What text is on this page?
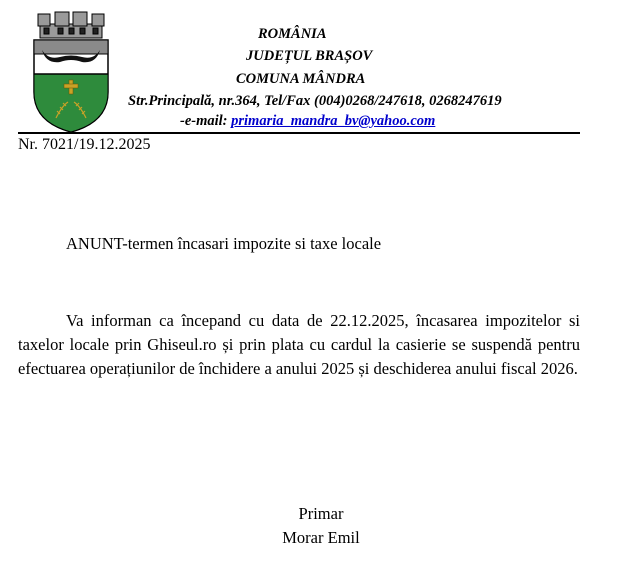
ROMÂNIA
JUDEȚUL BRAȘOV
COMUNA MÂNDRA
Str.Principală, nr.364, Tel/Fax (004)0268/247618, 0268247619
-e-mail: primaria_mandra_bv@yahoo.com
Nr. 7021/19.12.2025
ANUNT-termen încasari impozite si taxe locale

Va informan ca începand cu data de 22.12.2025, încasarea impozitelor si taxelor locale prin Ghiseul.ro și prin plata cu cardul la casierie se suspendă pentru efectuarea operațiunilor de închidere a anului 2025 și deschiderea anului fiscal 2026.

Primar
Morar Emil
